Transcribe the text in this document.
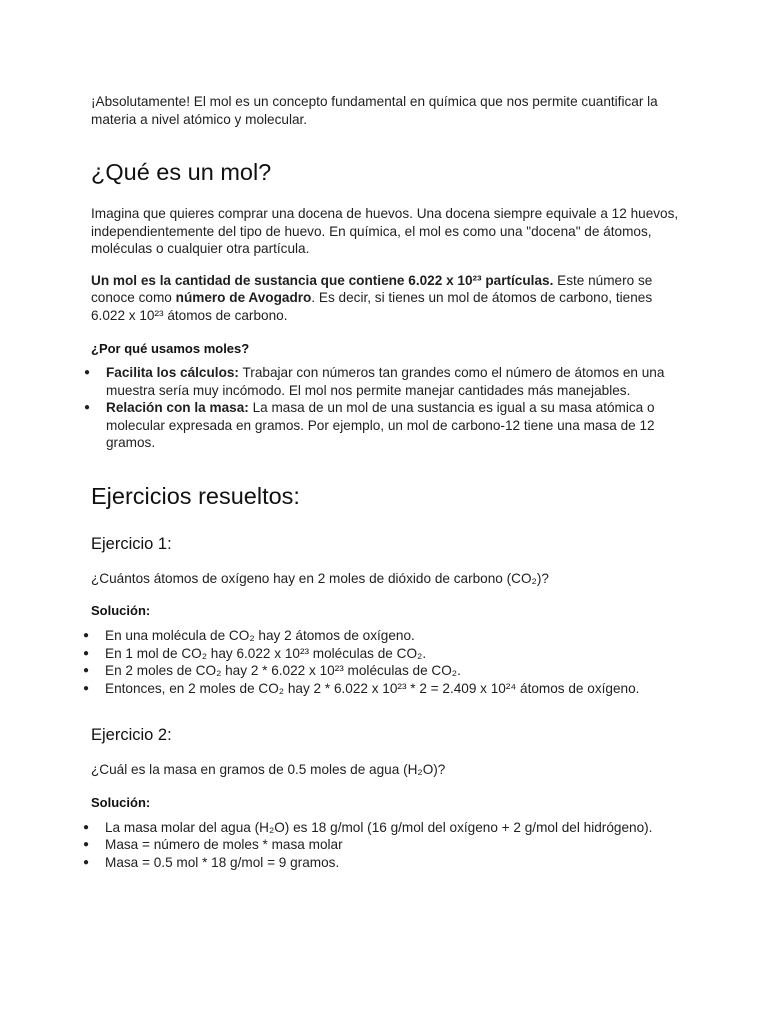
¡Absolutamente! El mol es un concepto fundamental en química que nos permite cuantificar la materia a nivel atómico y molecular.

¿Qué es un mol?

Imagina que quieres comprar una docena de huevos. Una docena siempre equivale a 12 huevos, independientemente del tipo de huevo. En química, el mol es como una "docena" de átomos, moléculas o cualquier otra partícula.

Un mol es la cantidad de sustancia que contiene 6.022 x 10²³ partículas. Este número se conoce como número de Avogadro. Es decir, si tienes un mol de átomos de carbono, tienes 6.022 x 10²³ átomos de carbono.

¿Por qué usamos moles?
● Facilita los cálculos: Trabajar con números tan grandes como el número de átomos en una muestra sería muy incómodo. El mol nos permite manejar cantidades más manejables.
● Relación con la masa: La masa de un mol de una sustancia es igual a su masa atómica o molecular expresada en gramos. Por ejemplo, un mol de carbono-12 tiene una masa de 12 gramos.
Ejercicios resueltos:
Ejercicio 1:

¿Cuántos átomos de oxígeno hay en 2 moles de dióxido de carbono (CO₂)?

Solución:
● En una molécula de CO₂ hay 2 átomos de oxígeno.
● En 1 mol de CO₂ hay 6.022 x 10²³ moléculas de CO₂.
● En 2 moles de CO₂ hay 2 * 6.022 x 10²³ moléculas de CO₂.
● Entonces, en 2 moles de CO₂ hay 2 * 6.022 x 10²³ * 2 = 2.409 x 10²⁴ átomos de oxígeno.
Ejercicio 2:

¿Cuál es la masa en gramos de 0.5 moles de agua (H₂O)?

Solución:
● La masa molar del agua (H₂O) es 18 g/mol (16 g/mol del oxígeno + 2 g/mol del hidrógeno).
● Masa = número de moles * masa molar
● Masa = 0.5 mol * 18 g/mol = 9 gramos.
